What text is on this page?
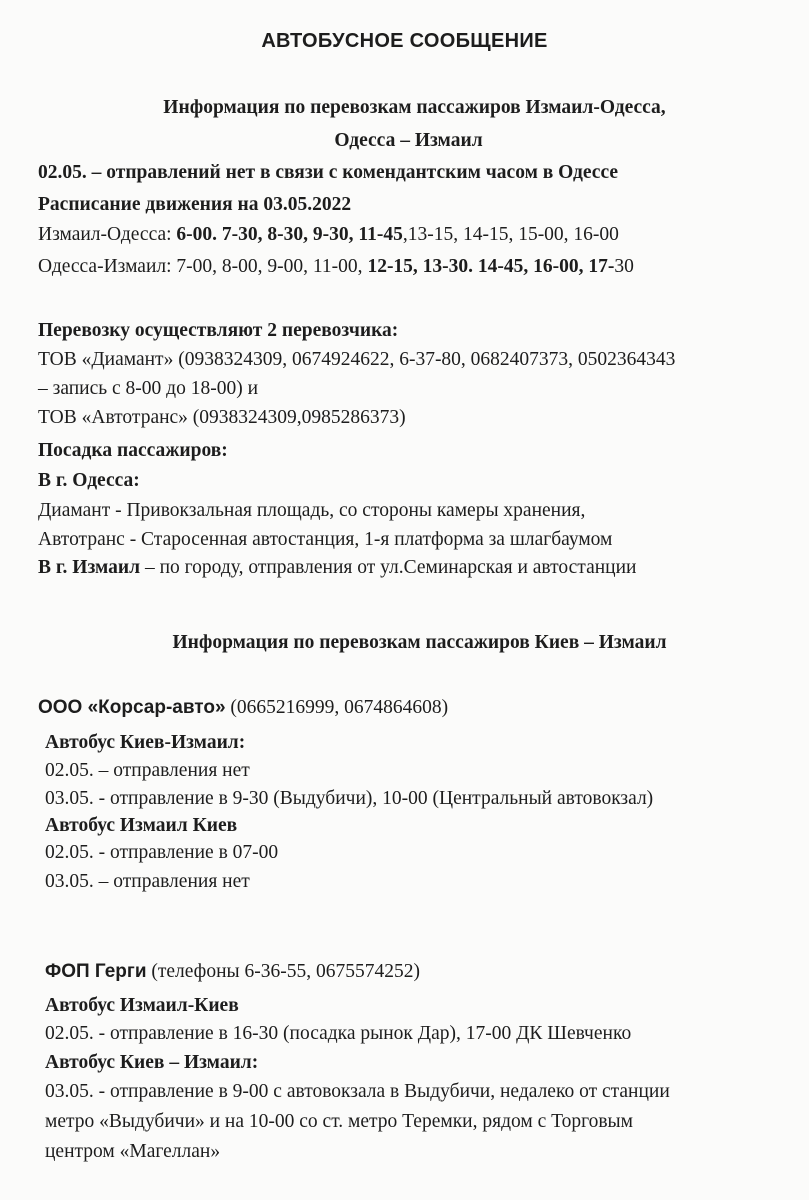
АВТОБУСНОЕ СООБЩЕНИЕ
Информация по перевозкам пассажиров Измаил-Одесса,
Одесса – Измаил
02.05. – отправлений нет в связи с комендантским часом в Одессе
Расписание движения на 03.05.2022
Измаил-Одесса: 6-00. 7-30, 8-30, 9-30, 11-45,13-15, 14-15, 15-00, 16-00
Одесса-Измаил: 7-00, 8-00, 9-00, 11-00, 12-15, 13-30. 14-45, 16-00, 17-30
Перевозку осуществляют 2 перевозчика:
ТОВ «Диамант» (0938324309, 0674924622, 6-37-80, 0682407373, 0502364343
– запись с 8-00 до 18-00) и
ТОВ «Автотранс» (0938324309,0985286373)
Посадка пассажиров:
В г. Одесса:
Диамант - Привокзальная площадь, со стороны камеры хранения,
Автотранс - Старосенная автостанция, 1-я платформа за шлагбаумом
В г. Измаил – по городу, отправления от ул.Семинарская и автостанции
Информация по перевозкам пассажиров Киев – Измаил
ООО «Корсар-авто» (0665216999, 0674864608)
Автобус Киев-Измаил:
02.05. – отправления нет
03.05. - отправление в 9-30 (Выдубичи), 10-00 (Центральный автовокзал)
Автобус Измаил Киев
02.05. - отправление в 07-00
03.05. – отправления нет
ФОП Герги (телефоны 6-36-55, 0675574252)
Автобус Измаил-Киев
02.05. - отправление в 16-30 (посадка рынок Дар), 17-00 ДК Шевченко
Автобус Киев – Измаил:
03.05. - отправление в 9-00 с автовокзала в Выдубичи, недалеко от станции
метро «Выдубичи» и на 10-00 со ст. метро Теремки, рядом с Торговым
центром «Магеллан»
